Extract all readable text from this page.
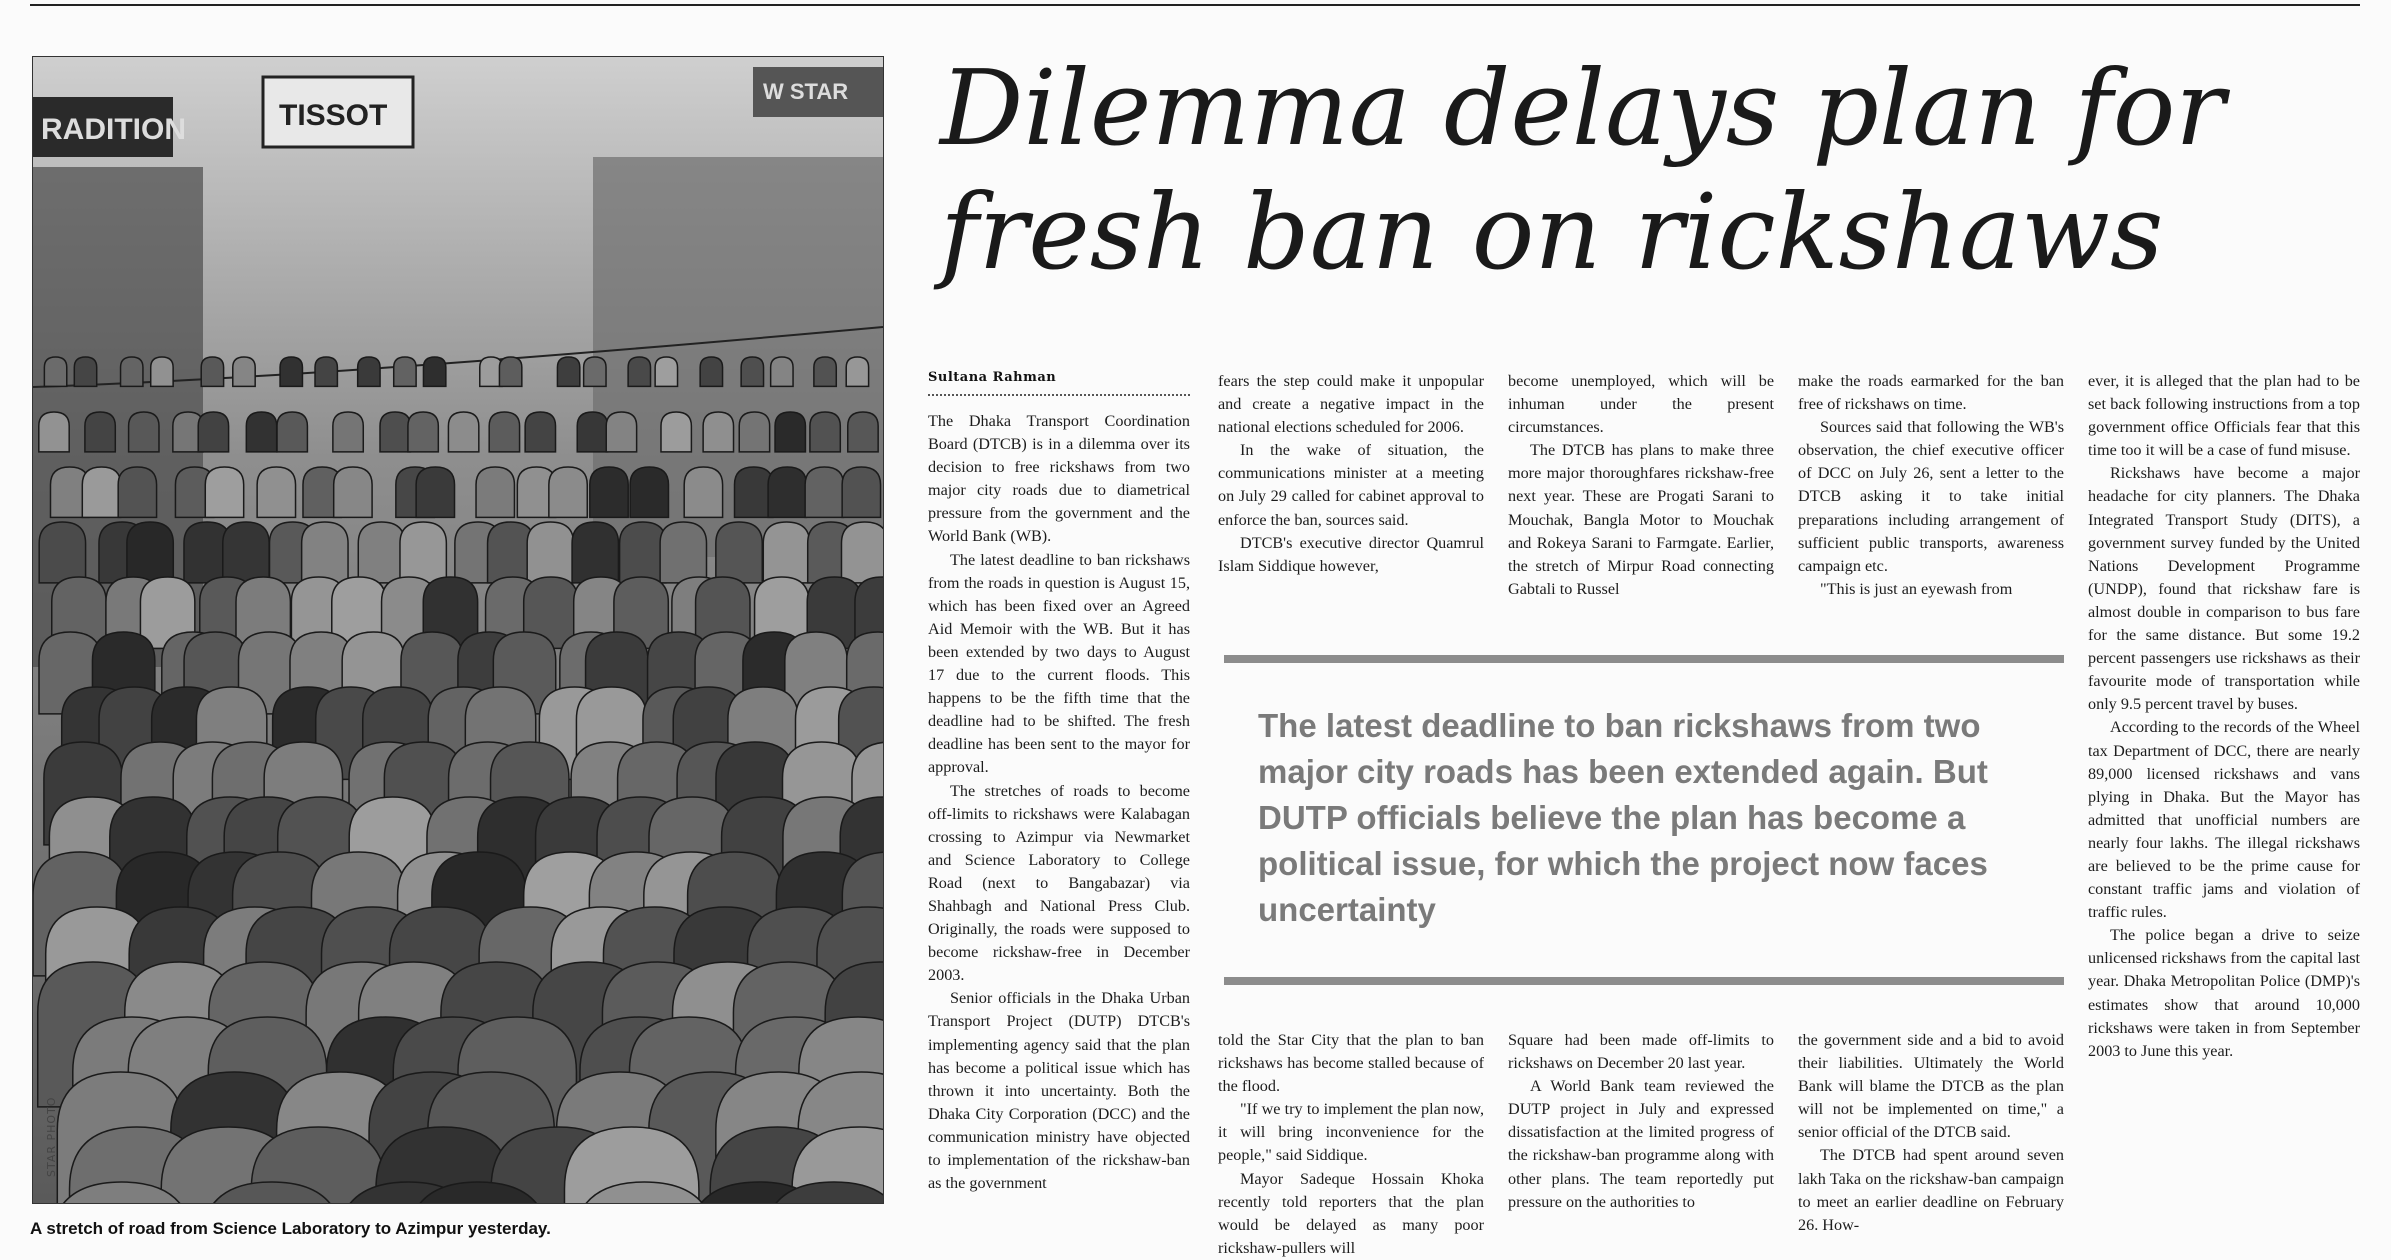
RADITION	TISSOT
W STAR
STAR PHOTO
A stretch of road from Science Laboratory to Azimpur yesterday.
Dilemma delays plan for fresh ban on rickshaws
Sultana Rahman

The Dhaka Transport Coordination Board (DTCB) is in a dilemma over its decision to free rickshaws from two major city roads due to diametrical pressure from the government and the World Bank (WB).

The latest deadline to ban rickshaws from the roads in question is August 15, which has been fixed over an Agreed Aid Memoir with the WB. But it has been extended by two days to August 17 due to the current floods. This happens to be the fifth time that the deadline had to be shifted. The fresh deadline has been sent to the mayor for approval.

The stretches of roads to become off-limits to rickshaws were Kalabagan crossing to Azimpur via Newmarket and Science Laboratory to College Road (next to Bangabazar) via Shahbagh and National Press Club. Originally, the roads were supposed to become rickshaw-free in December 2003.

Senior officials in the Dhaka Urban Transport Project (DUTP) DTCB's implementing agency said that the plan has become a political issue which has thrown it into uncertainty. Both the Dhaka City Corporation (DCC) and the communication ministry have objected to implementation of the rickshaw-ban as the government

fears the step could make it unpopular and create a negative impact in the national elections scheduled for 2006.

In the wake of situation, the communications minister at a meeting on July 29 called for cabinet approval to enforce the ban, sources said.

DTCB's executive director Quamrul Islam Siddique however,

become unemployed, which will be inhuman under the present circumstances.

The DTCB has plans to make three more major thoroughfares rickshaw-free next year. These are Progati Sarani to Mouchak, Bangla Motor to Mouchak and Rokeya Sarani to Farmgate. Earlier, the stretch of Mirpur Road connecting Gabtali to Russel

make the roads earmarked for the ban free of rickshaws on time.

Sources said that following the WB's observation, the chief executive officer of DCC on July 26, sent a letter to the DTCB asking it to take initial preparations including arrangement of sufficient public transports, awareness campaign etc.

"This is just an eyewash from

The latest deadline to ban rickshaws from two major city roads has been extended again. But DUTP officials believe the plan has become a political issue, for which the project now faces uncertainty

told the Star City that the plan to ban rickshaws has become stalled because of the flood.

"If we try to implement the plan now, it will bring inconvenience for the people," said Siddique.

Mayor Sadeque Hossain Khoka recently told reporters that the plan would be delayed as many poor rickshaw-pullers will

Square had been made off-limits to rickshaws on December 20 last year.

A World Bank team reviewed the DUTP project in July and expressed dissatisfaction at the limited progress of the rickshaw-ban programme along with other plans. The team reportedly put pressure on the authorities to

the government side and a bid to avoid their liabilities. Ultimately the World Bank will blame the DTCB as the plan will not be implemented on time," a senior official of the DTCB said.

The DTCB had spent around seven lakh Taka on the rickshaw-ban campaign to meet an earlier deadline on February 26. How-

ever, it is alleged that the plan had to be set back following instructions from a top government office Officials fear that this time too it will be a case of fund misuse.

Rickshaws have become a major headache for city planners. The Dhaka Integrated Transport Study (DITS), a government survey funded by the United Nations Development Programme (UNDP), found that rickshaw fare is almost double in comparison to bus fare for the same distance. But some 19.2 percent passengers use rickshaws as their favourite mode of transportation while only 9.5 percent travel by buses.

According to the records of the Wheel tax Department of DCC, there are nearly 89,000 licensed rickshaws and vans plying in Dhaka. But the Mayor has admitted that unofficial numbers are nearly four lakhs. The illegal rickshaws are believed to be the prime cause for constant traffic jams and violation of traffic rules.

The police began a drive to seize unlicensed rickshaws from the capital last year. Dhaka Metropolitan Police (DMP)'s estimates show that around 10,000 rickshaws were taken in from September 2003 to June this year.
